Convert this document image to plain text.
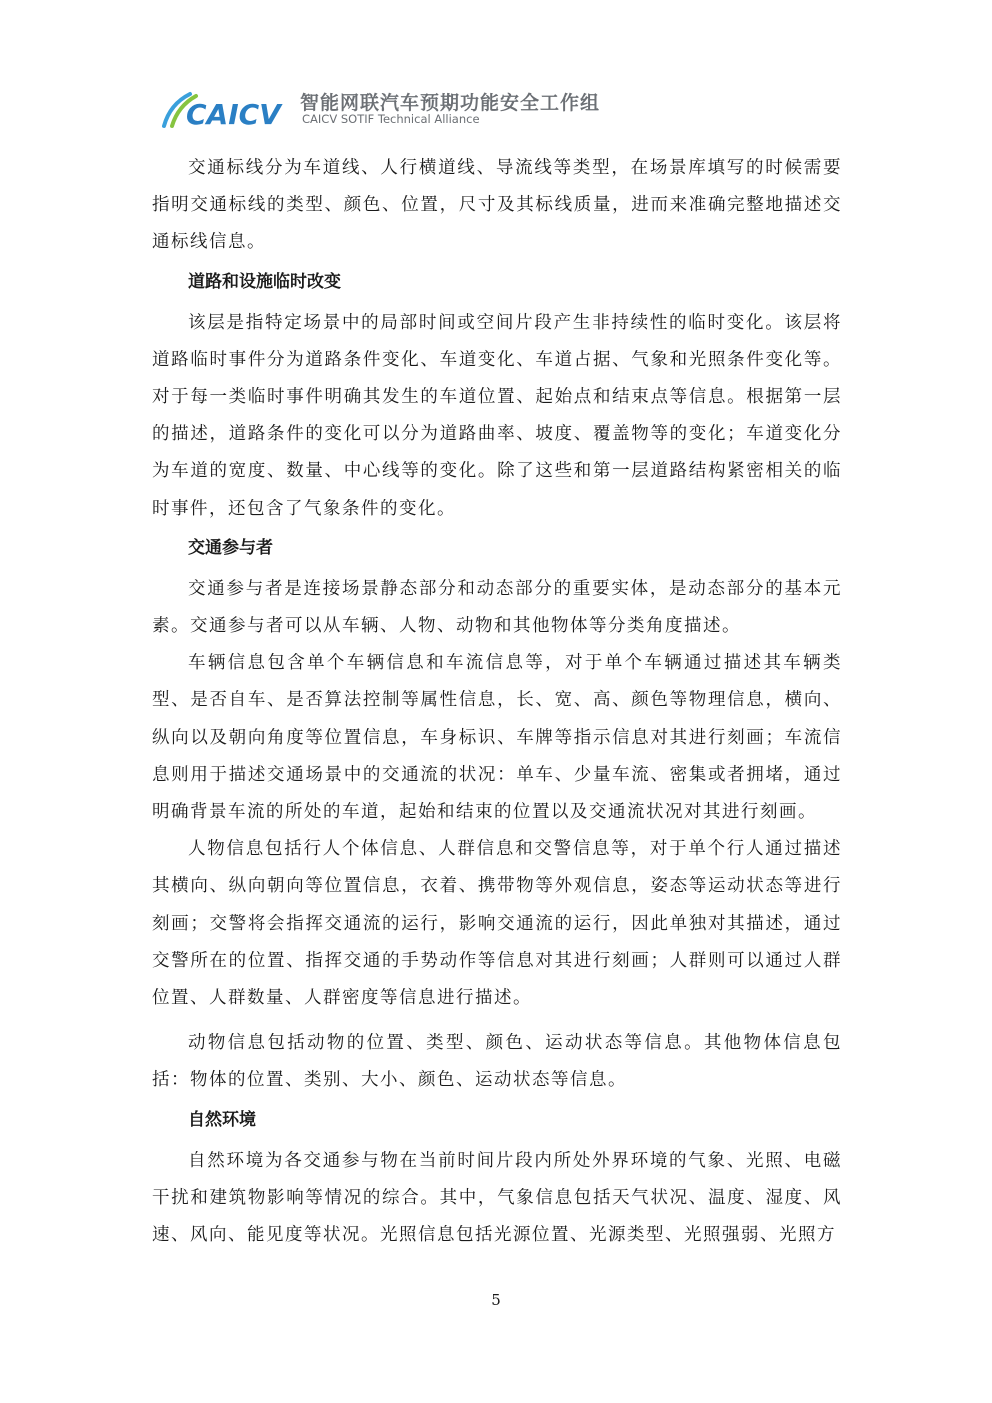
CAICV 智能网联汽车预期功能安全工作组
CAICV SOTIF Technical Alliance

交通标线分为车道线、人行横道线、导流线等类型，在场景库填写的时候需要指明交通标线的类型、颜色、位置，尺寸及其标线质量，进而来准确完整地描述交通标线信息。

道路和设施临时改变

该层是指特定场景中的局部时间或空间片段产生非持续性的临时变化。该层将道路临时事件分为道路条件变化、车道变化、车道占据、气象和光照条件变化等。对于每一类临时事件明确其发生的车道位置、起始点和结束点等信息。根据第一层的描述，道路条件的变化可以分为道路曲率、坡度、覆盖物等的变化；车道变化分为车道的宽度、数量、中心线等的变化。除了这些和第一层道路结构紧密相关的临时事件，还包含了气象条件的变化。

交通参与者

交通参与者是连接场景静态部分和动态部分的重要实体，是动态部分的基本元素。交通参与者可以从车辆、人物、动物和其他物体等分类角度描述。

车辆信息包含单个车辆信息和车流信息等，对于单个车辆通过描述其车辆类型、是否自车、是否算法控制等属性信息，长、宽、高、颜色等物理信息，横向、纵向以及朝向角度等位置信息，车身标识、车牌等指示信息对其进行刻画；车流信息则用于描述交通场景中的交通流的状况：单车、少量车流、密集或者拥堵，通过明确背景车流的所处的车道，起始和结束的位置以及交通流状况对其进行刻画。

人物信息包括行人个体信息、人群信息和交警信息等，对于单个行人通过描述其横向、纵向朝向等位置信息，衣着、携带物等外观信息，姿态等运动状态等进行刻画；交警将会指挥交通流的运行，影响交通流的运行，因此单独对其描述，通过交警所在的位置、指挥交通的手势动作等信息对其进行刻画；人群则可以通过人群位置、人群数量、人群密度等信息进行描述。

动物信息包括动物的位置、类型、颜色、运动状态等信息。其他物体信息包括：物体的位置、类别、大小、颜色、运动状态等信息。

自然环境

自然环境为各交通参与物在当前时间片段内所处外界环境的气象、光照、电磁干扰和建筑物影响等情况的综合。其中，气象信息包括天气状况、温度、湿度、风速、风向、能见度等状况。光照信息包括光源位置、光源类型、光照强弱、光照方

5
